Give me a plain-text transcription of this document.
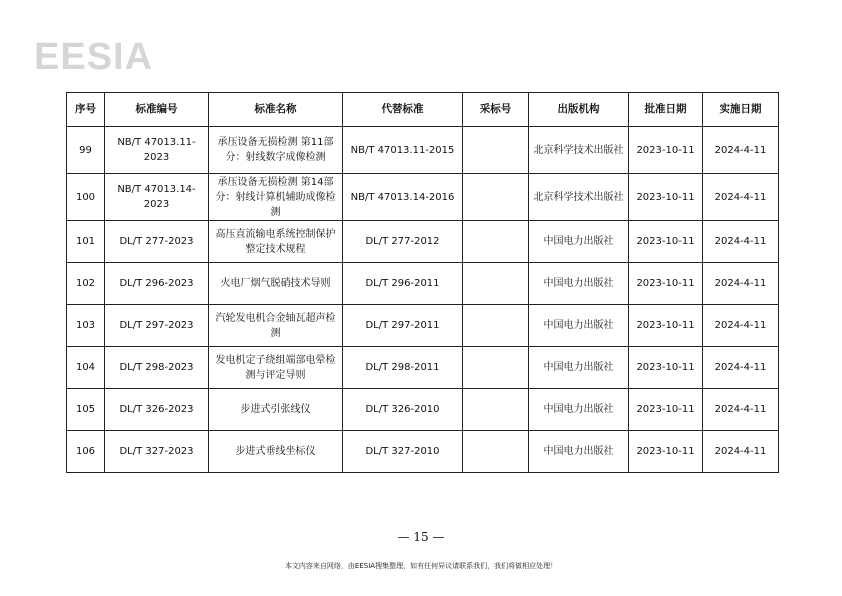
EESIA
序号	标准编号	标准名称	代替标准	采标号	出版机构	批准日期	实施日期
99	NB/T 47013.11-2023	承压设备无损检测 第11部分：射线数字成像检测	NB/T 47013.11-2015		北京科学技术出版社	2023-10-11	2024-4-11
100	NB/T 47013.14-2023	承压设备无损检测 第14部分：射线计算机辅助成像检测	NB/T 47013.14-2016		北京科学技术出版社	2023-10-11	2024-4-11
101	DL/T 277-2023	高压直流输电系统控制保护整定技术规程	DL/T 277-2012		中国电力出版社	2023-10-11	2024-4-11
102	DL/T 296-2023	火电厂烟气脱硝技术导则	DL/T 296-2011		中国电力出版社	2023-10-11	2024-4-11
103	DL/T 297-2023	汽轮发电机合金轴瓦超声检测	DL/T 297-2011		中国电力出版社	2023-10-11	2024-4-11
104	DL/T 298-2023	发电机定子绕组端部电晕检测与评定导则	DL/T 298-2011		中国电力出版社	2023-10-11	2024-4-11
105	DL/T 326-2023	步进式引张线仪	DL/T 326-2010		中国电力出版社	2023-10-11	2024-4-11
106	DL/T 327-2023	步进式垂线坐标仪	DL/T 327-2010		中国电力出版社	2023-10-11	2024-4-11
— 15 —
本文内容来自网络，由EESIA搜集整理，如有任何异议请联系我们，我们将做相应处理！
